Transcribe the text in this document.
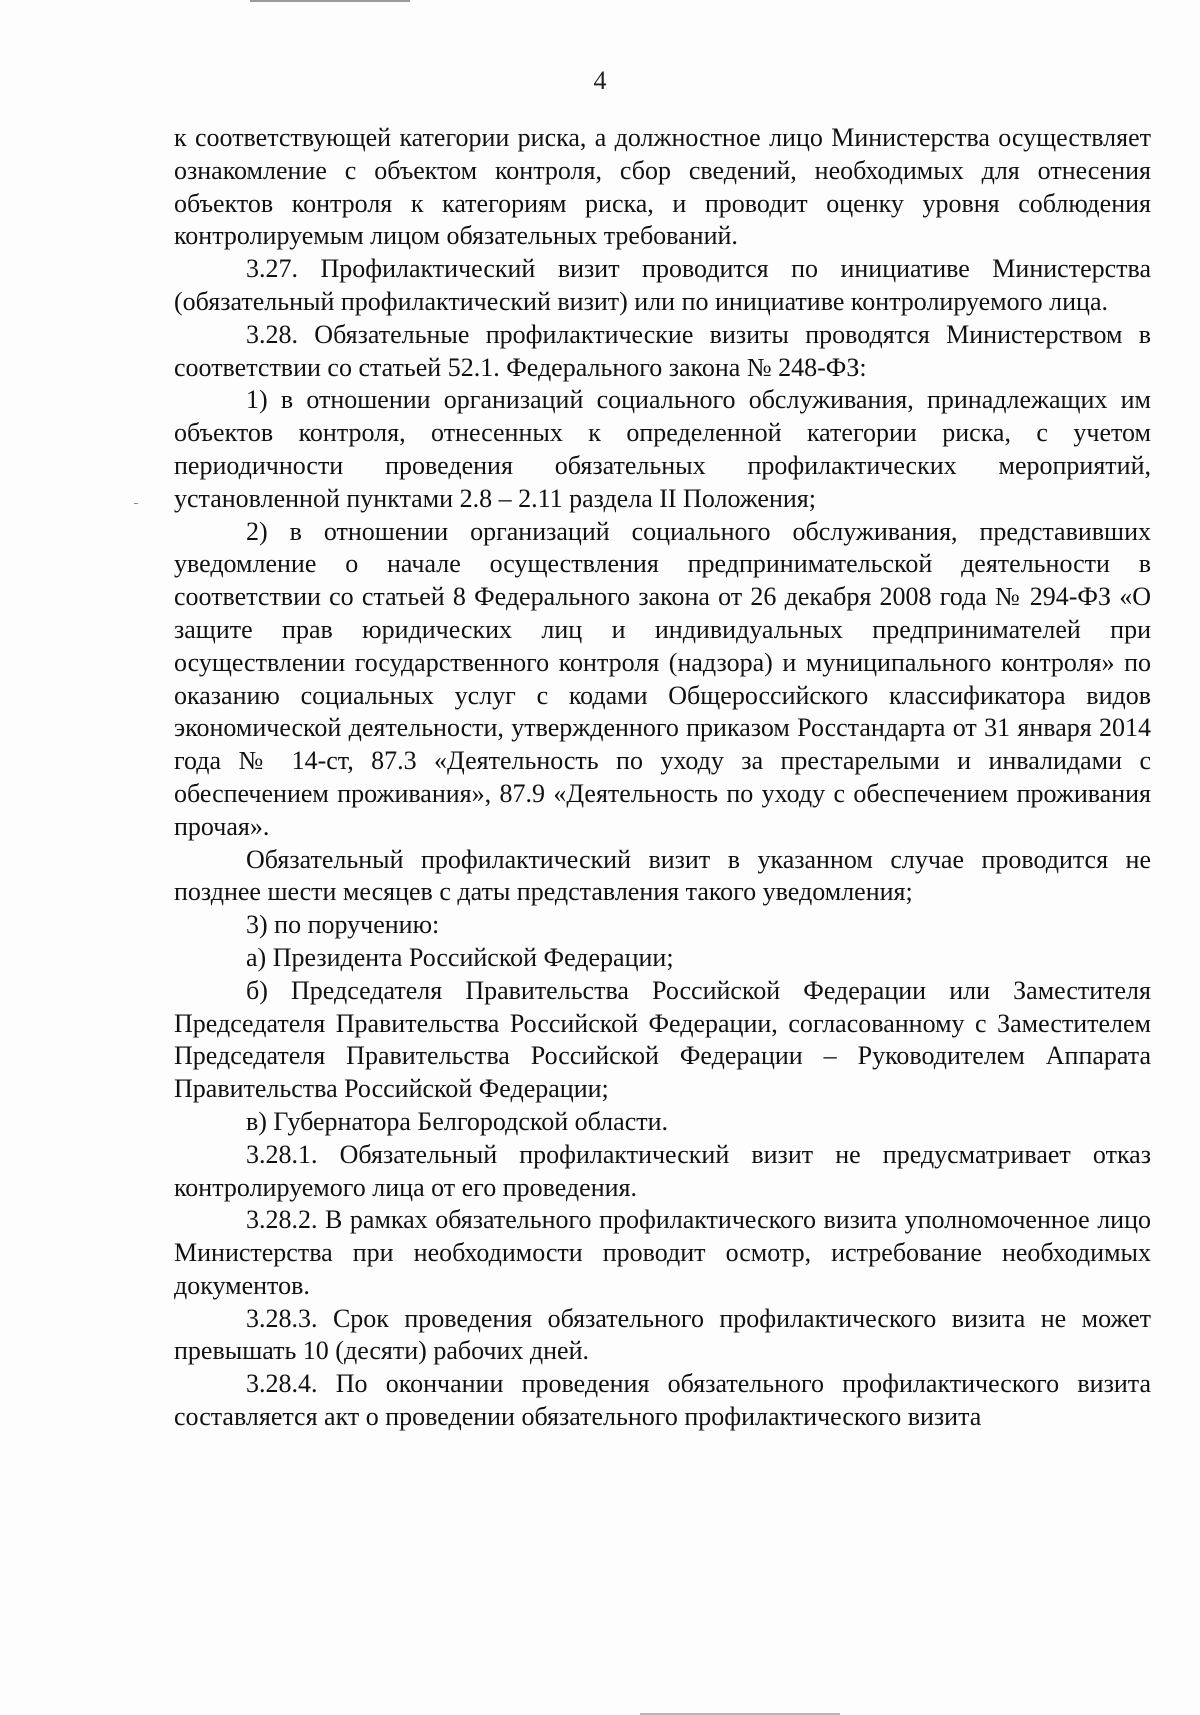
4

к соответствующей категории риска, а должностное лицо Министерства осуществляет ознакомление с объектом контроля, сбор сведений, необходимых для отнесения объектов контроля к категориям риска, и проводит оценку уровня соблюдения контролируемым лицом обязательных требований.

3.27. Профилактический визит проводится по инициативе Министерства (обязательный профилактический визит) или по инициативе контролируемого лица.

3.28. Обязательные профилактические визиты проводятся Министерством в соответствии со статьей 52.1. Федерального закона № 248-ФЗ:

1) в отношении организаций социального обслуживания, принадлежащих им объектов контроля, отнесенных к определенной категории риска, с учетом периодичности проведения обязательных профилактических мероприятий, установленной пунктами 2.8 – 2.11 раздела II Положения;

2) в отношении организаций социального обслуживания, представивших уведомление о начале осуществления предпринимательской деятельности в соответствии со статьей 8 Федерального закона от 26 декабря 2008 года № 294-ФЗ «О защите прав юридических лиц и индивидуальных предпринимателей при осуществлении государственного контроля (надзора) и муниципального контроля» по оказанию социальных услуг с кодами Общероссийского классификатора видов экономической деятельности, утвержденного приказом Росстандарта от 31 января 2014 года № 14-ст, 87.3 «Деятельность по уходу за престарелыми и инвалидами с обеспечением проживания», 87.9 «Деятельность по уходу с обеспечением проживания прочая».

Обязательный профилактический визит в указанном случае проводится не позднее шести месяцев с даты представления такого уведомления;

3) по поручению:

а) Президента Российской Федерации;

б) Председателя Правительства Российской Федерации или Заместителя Председателя Правительства Российской Федерации, согласованному с Заместителем Председателя Правительства Российской Федерации – Руководителем Аппарата Правительства Российской Федерации;

в) Губернатора Белгородской области.

3.28.1. Обязательный профилактический визит не предусматривает отказ контролируемого лица от его проведения.

3.28.2. В рамках обязательного профилактического визита уполномоченное лицо Министерства при необходимости проводит осмотр, истребование необходимых документов.

3.28.3. Срок проведения обязательного профилактического визита не может превышать 10 (десяти) рабочих дней.

3.28.4. По окончании проведения обязательного профилактического визита составляется акт о проведении обязательного профилактического визита
